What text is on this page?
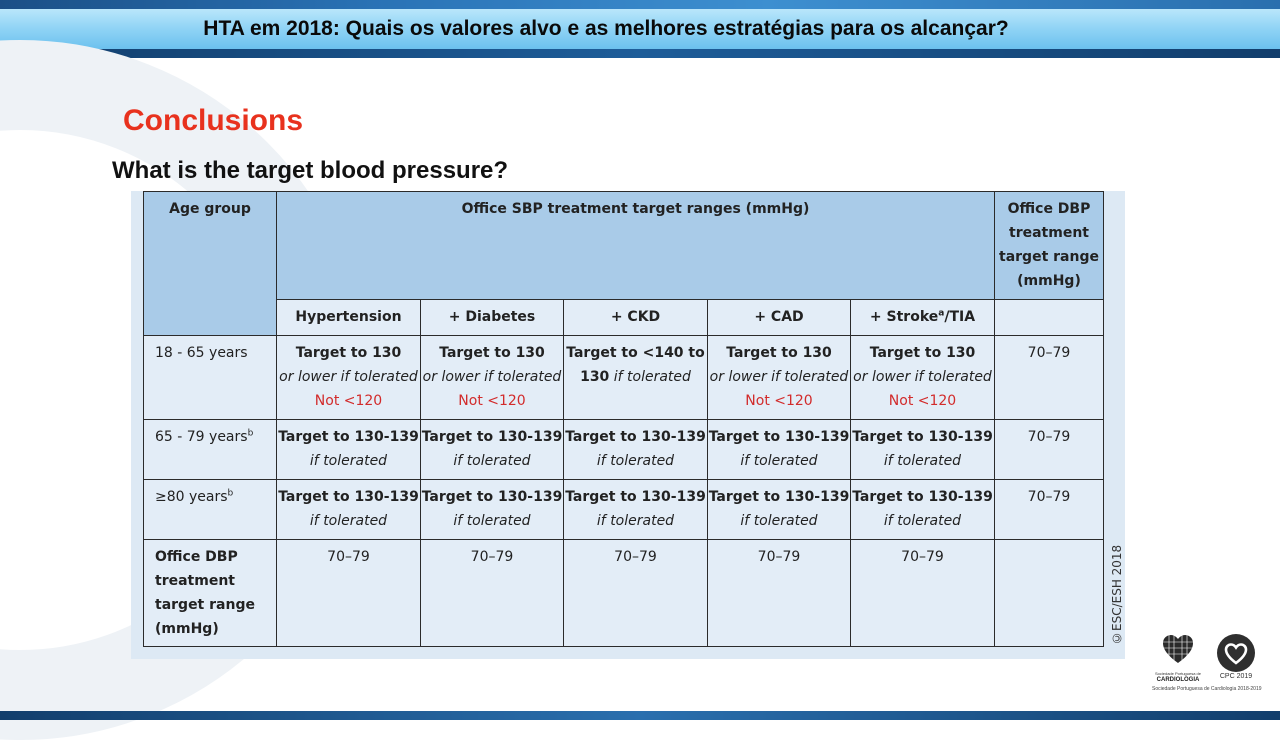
HTA em 2018: Quais os valores alvo e as melhores estratégias para os alcançar?
Conclusions
What is the target blood pressure?
Age group	Office SBP treatment target ranges (mmHg)					Office DBP
treatment
target range
(mmHg)

	Hypertension	+ Diabetes	+ CKD	+ CAD	+ Stroke$^a$/TIA	
18 - 65 years	Target to 130
or lower if tolerated
Not <120	Target to 130
or lower if tolerated
Not <120	Target to <140 to
130 if tolerated	Target to 130
or lower if tolerated
Not <120	Target to 130
or lower if tolerated
Not <120	70–79
65 - 79 years$^b$	Target to 130-139
if tolerated	Target to 130-139
if tolerated	Target to 130-139
if tolerated	Target to 130-139
if tolerated	Target to 130-139
if tolerated	70–79
≥80 years$^b$	Target to 130-139
if tolerated	Target to 130-139
if tolerated	Target to 130-139
if tolerated	Target to 130-139
if tolerated	Target to 130-139
if tolerated	70–79

Office DBP
treatment
target range
(mmHg)	70–79	70–79	70–79	70–79	70–79		©ESC/ESH 2018
Sociedade Portuguesa de
CARDIOLOGIA	CPC 2019
Sociedade Portuguesa de Cardiologia 2018-2019
